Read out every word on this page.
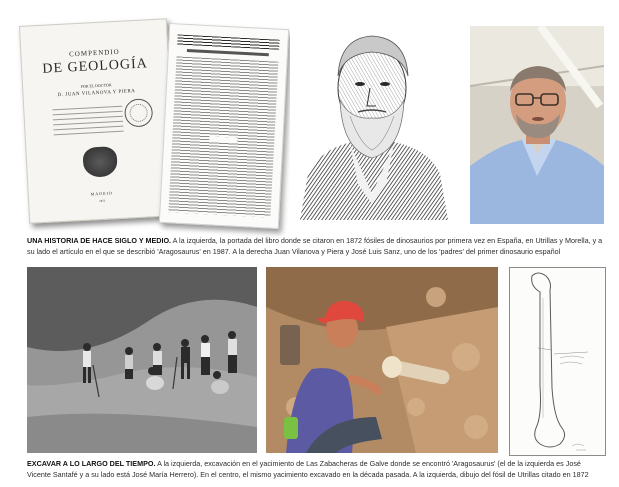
COMPENDIO
DE GEOLOGÍA
POR EL DOCTOR
D. JUAN VILANOVA Y PIERA
MADRID
1872
UNA HISTORIA DE HACE SIGLO Y MEDIO. A la izquierda, la portada del libro donde se citaron en 1872 fósiles de dinosaurios por primera vez en España, en Utrillas y Morella, y a su lado el artículo en el que se describió 'Aragosaurus' en 1987. A la derecha Juan Vilanova y Piera y José Luis Sanz, uno de los 'padres' del primer dinosaurio español
EXCAVAR A LO LARGO DEL TIEMPO. A la izquierda, excavación en el yacimiento de Las Zabacheras de Galve donde se encontró 'Aragosaurus' (el de la izquierda es José Vicente Santafé y a su lado está José María Herrero). En el centro, el mismo yacimiento excavado en la década pasada. A la izquierda, dibujo del fósil de Utrillas citado en 1872
